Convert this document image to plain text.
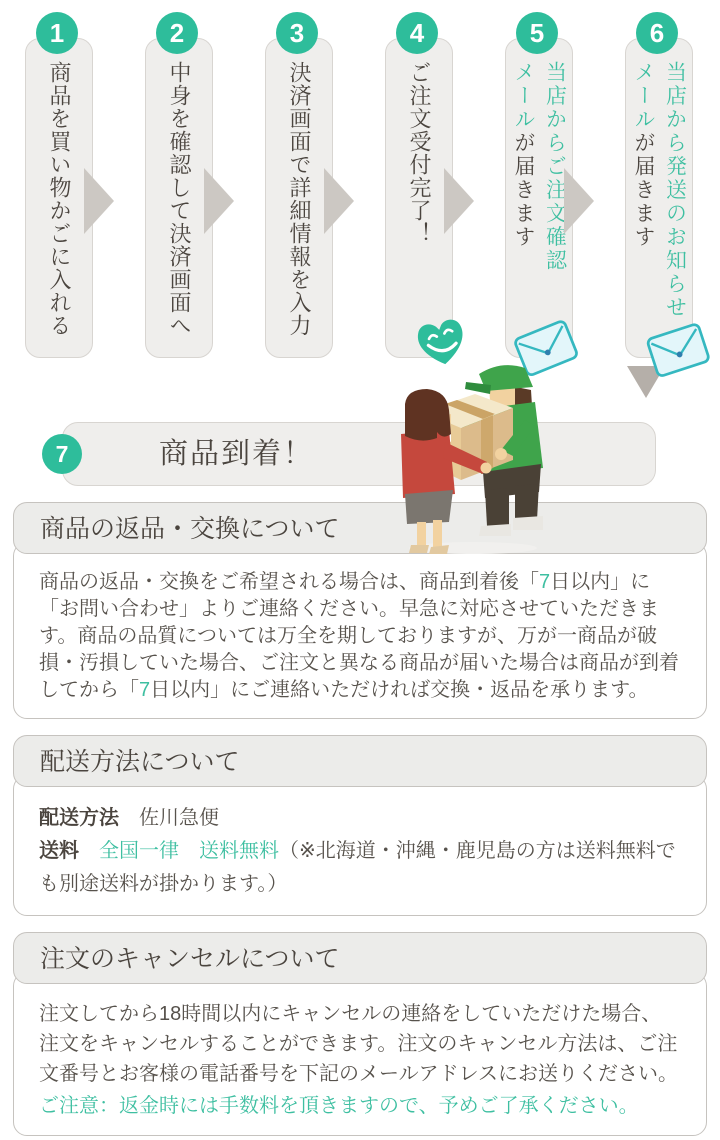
商品到着！
7
商品を買い物かごに入れる
1
中身を確認して決済画面へ
2
決済画面で詳細情報を入力
3
ご注文受付完了！
4
当店からご注文確認
メールが届きます
5
当店から発送のお知らせ
メールが届きます
6
商品の返品・交換について

商品の返品・交換をご希望される場合は、商品到着後「7日以内」に「お問い合わせ」よりご連絡ください。早急に対応させていただきます。商品の品質については万全を期しておりますが、万が一商品が破損・汚損していた場合、ご注文と異なる商品が届いた場合は商品が到着してから「7日以内」にご連絡いただければ交換・返品を承ります。

配送方法について

配送方法　佐川急便

送料　 全国一律　 送料無料（※北海道・沖縄・鹿児島の方は送料無料でも別途送料が掛かります。）

注文のキャンセルについて

注文してから18時間以内にキャンセルの連絡をしていただけた場合、注文をキャンセルすることができます。注文のキャンセル方法は、ご注文番号とお客様の電話番号を下記のメールアドレスにお送りください。

ご注意：返金時には手数料を頂きますので、予めご了承ください。
